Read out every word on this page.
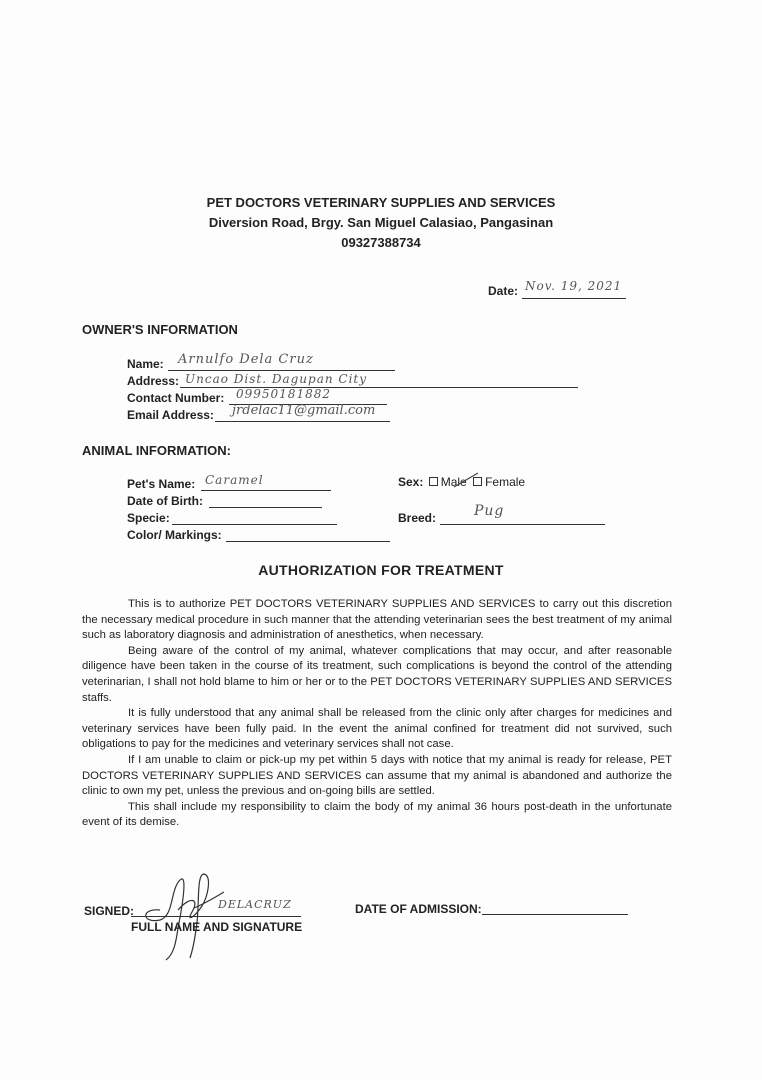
PET DOCTORS VETERINARY SUPPLIES AND SERVICES
Diversion Road, Brgy. San Miguel Calasiao, Pangasinan
09327388734
Date: Nov. 19, 2021
OWNER'S INFORMATION
Name: Arnulfo Dela Cruz
Address: Uncao Dist. Dagupan City
Contact Number: 09950181882
Email Address: jrdelac11@gmail.com
ANIMAL INFORMATION:
Pet's Name: Caramel
Date of Birth:
Specie:
Color/ Markings:
Sex: Male Female
Breed:	Pug
AUTHORIZATION FOR TREATMENT

This is to authorize PET DOCTORS VETERINARY SUPPLIES AND SERVICES to carry out this discretion the necessary medical procedure in such manner that the attending veterinarian sees the best treatment of my animal such as laboratory diagnosis and administration of anesthetics, when necessary.

Being aware of the control of my animal, whatever complications that may occur, and after reasonable diligence have been taken in the course of its treatment, such complications is beyond the control of the attending veterinarian, I shall not hold blame to him or her or to the PET DOCTORS VETERINARY SUPPLIES AND SERVICES staffs.

It is fully understood that any animal shall be released from the clinic only after charges for medicines and veterinary services have been fully paid. In the event the animal confined for treatment did not survived, such obligations to pay for the medicines and veterinary services shall not case.

If I am unable to claim or pick-up my pet within 5 days with notice that my animal is ready for release, PET DOCTORS VETERINARY SUPPLIES AND SERVICES can assume that my animal is abandoned and authorize the clinic to own my pet, unless the previous and on-going bills are settled.

This shall include my responsibility to claim the body of my animal 36 hours post-death in the unfortunate event of its demise.

SIGNED:	DELACRUZ
FULL NAME AND SIGNATURE
DATE OF ADMISSION:
